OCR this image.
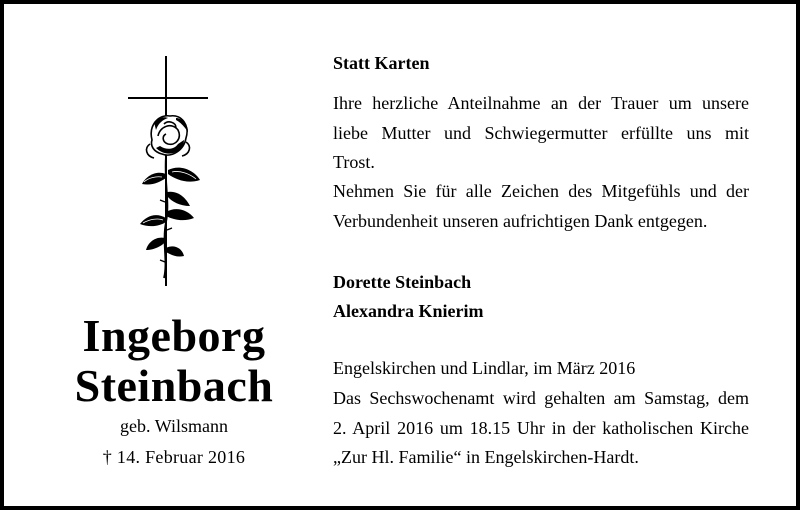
Ingeborg
Steinbach
geb. Wilsmann
† 14. Februar 2016
Statt Karten
Ihre herzliche Anteilnahme an der Trauer um unsere
liebe Mutter und Schwiegermutter erfüllte uns mit
Trost.
Nehmen Sie für alle Zeichen des Mitgefühls und der
Verbundenheit unseren aufrichtigen Dank entgegen.
Dorette Steinbach
Alexandra Knierim
Engelskirchen und Lindlar, im März 2016
Das Sechswochenamt wird gehalten am Samstag, dem
2. April 2016 um 18.15 Uhr in der katholischen Kirche
„Zur Hl. Familie“ in Engelskirchen-Hardt.
